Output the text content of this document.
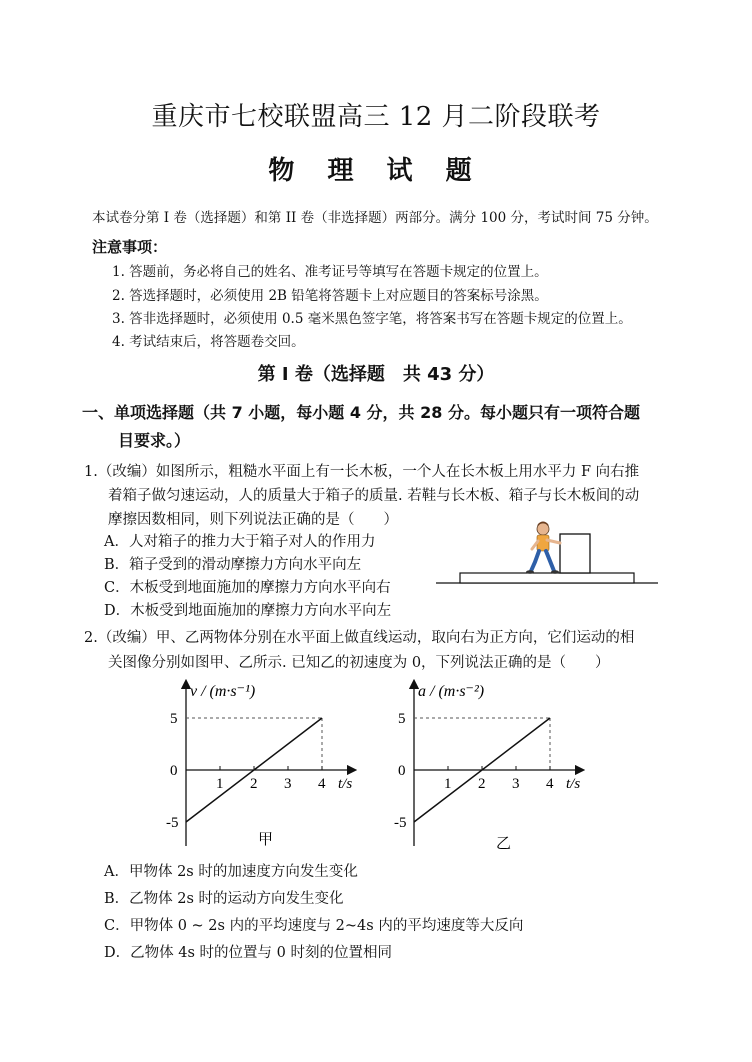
重庆市七校联盟高三 12 月二阶段联考
物 理 试 题
本试卷分第 I 卷（选择题）和第 II 卷（非选择题）两部分。满分 100 分，考试时间 75 分钟。
注意事项：
1. 答题前，务必将自己的姓名、准考证号等填写在答题卡规定的位置上。
2. 答选择题时，必须使用 2B 铅笔将答题卡上对应题目的答案标号涂黑。
3. 答非选择题时，必须使用 0.5 毫米黑色签字笔，将答案书写在答题卡规定的位置上。
4. 考试结束后，将答题卷交回。
第 I 卷（选择题　共 43 分）
一、单项选择题（共 7 小题，每小题 4 分，共 28 分。每小题只有一项符合题
目要求。）
1.（改编）如图所示，粗糙水平面上有一长木板，一个人在长木板上用水平力 F 向右推
着箱子做匀速运动，人的质量大于箱子的质量. 若鞋与长木板、箱子与长木板间的动
摩擦因数相同，则下列说法正确的是（　　）
A．人对箱子的推力大于箱子对人的作用力
B．箱子受到的滑动摩擦力方向水平向左
C．木板受到地面施加的摩擦力方向水平向右
D．木板受到地面施加的摩擦力方向水平向左
2.（改编）甲、乙两物体分别在水平面上做直线运动，取向右为正方向，它们运动的相
关图像分别如图甲、乙所示. 已知乙的初速度为 0，下列说法正确的是（　　）
1 2 3 4
5
0
-5
v / (m·s⁻¹)
t/s
甲
1 2 3 4
5
0
-5
a / (m·s⁻²)
t/s
乙
A．甲物体 2s 时的加速度方向发生变化
B．乙物体 2s 时的运动方向发生变化
C．甲物体 0 ~ 2s 内的平均速度与 2~4s 内的平均速度等大反向
D．乙物体 4s 时的位置与 0 时刻的位置相同
